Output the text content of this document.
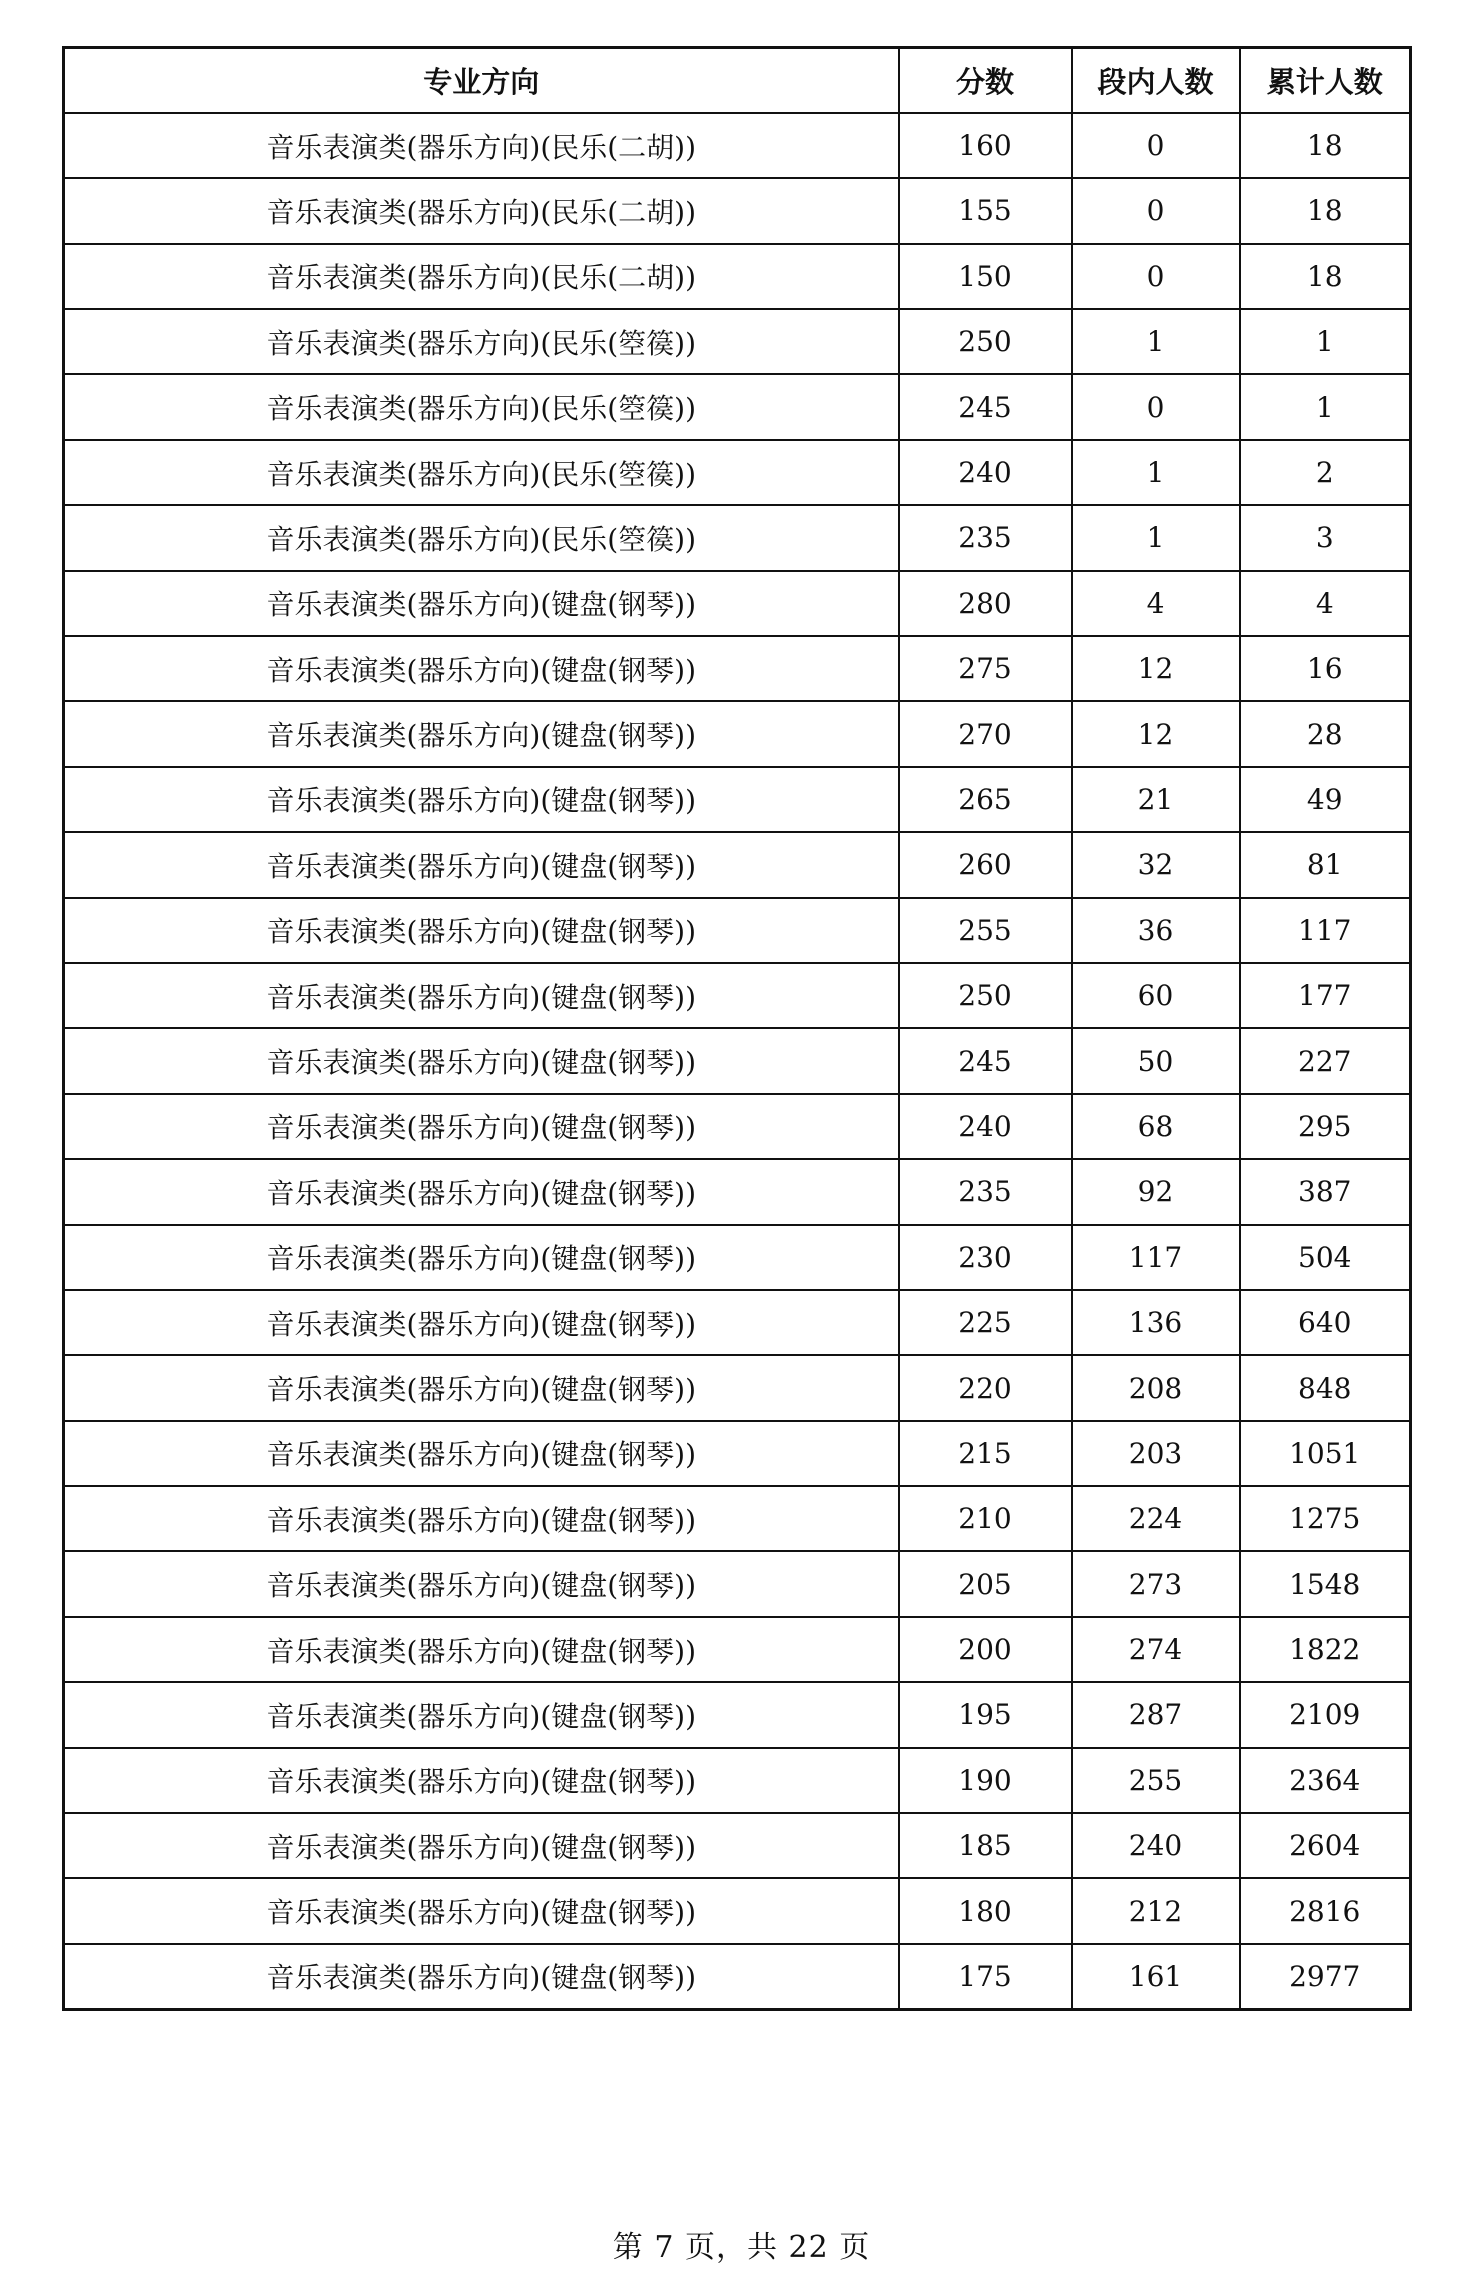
专业方向	分数	段内人数	累计人数
音乐表演类(器乐方向)(民乐(二胡))	160	0	18
音乐表演类(器乐方向)(民乐(二胡))	155	0	18
音乐表演类(器乐方向)(民乐(二胡))	150	0	18
音乐表演类(器乐方向)(民乐(箜篌))	250	1	1
音乐表演类(器乐方向)(民乐(箜篌))	245	0	1
音乐表演类(器乐方向)(民乐(箜篌))	240	1	2
音乐表演类(器乐方向)(民乐(箜篌))	235	1	3
音乐表演类(器乐方向)(键盘(钢琴))	280	4	4
音乐表演类(器乐方向)(键盘(钢琴))	275	12	16
音乐表演类(器乐方向)(键盘(钢琴))	270	12	28
音乐表演类(器乐方向)(键盘(钢琴))	265	21	49
音乐表演类(器乐方向)(键盘(钢琴))	260	32	81
音乐表演类(器乐方向)(键盘(钢琴))	255	36	117
音乐表演类(器乐方向)(键盘(钢琴))	250	60	177
音乐表演类(器乐方向)(键盘(钢琴))	245	50	227
音乐表演类(器乐方向)(键盘(钢琴))	240	68	295
音乐表演类(器乐方向)(键盘(钢琴))	235	92	387
音乐表演类(器乐方向)(键盘(钢琴))	230	117	504
音乐表演类(器乐方向)(键盘(钢琴))	225	136	640
音乐表演类(器乐方向)(键盘(钢琴))	220	208	848
音乐表演类(器乐方向)(键盘(钢琴))	215	203	1051
音乐表演类(器乐方向)(键盘(钢琴))	210	224	1275
音乐表演类(器乐方向)(键盘(钢琴))	205	273	1548
音乐表演类(器乐方向)(键盘(钢琴))	200	274	1822
音乐表演类(器乐方向)(键盘(钢琴))	195	287	2109
音乐表演类(器乐方向)(键盘(钢琴))	190	255	2364
音乐表演类(器乐方向)(键盘(钢琴))	185	240	2604
音乐表演类(器乐方向)(键盘(钢琴))	180	212	2816
音乐表演类(器乐方向)(键盘(钢琴))	175	161	2977
第 7 页，共 22 页
